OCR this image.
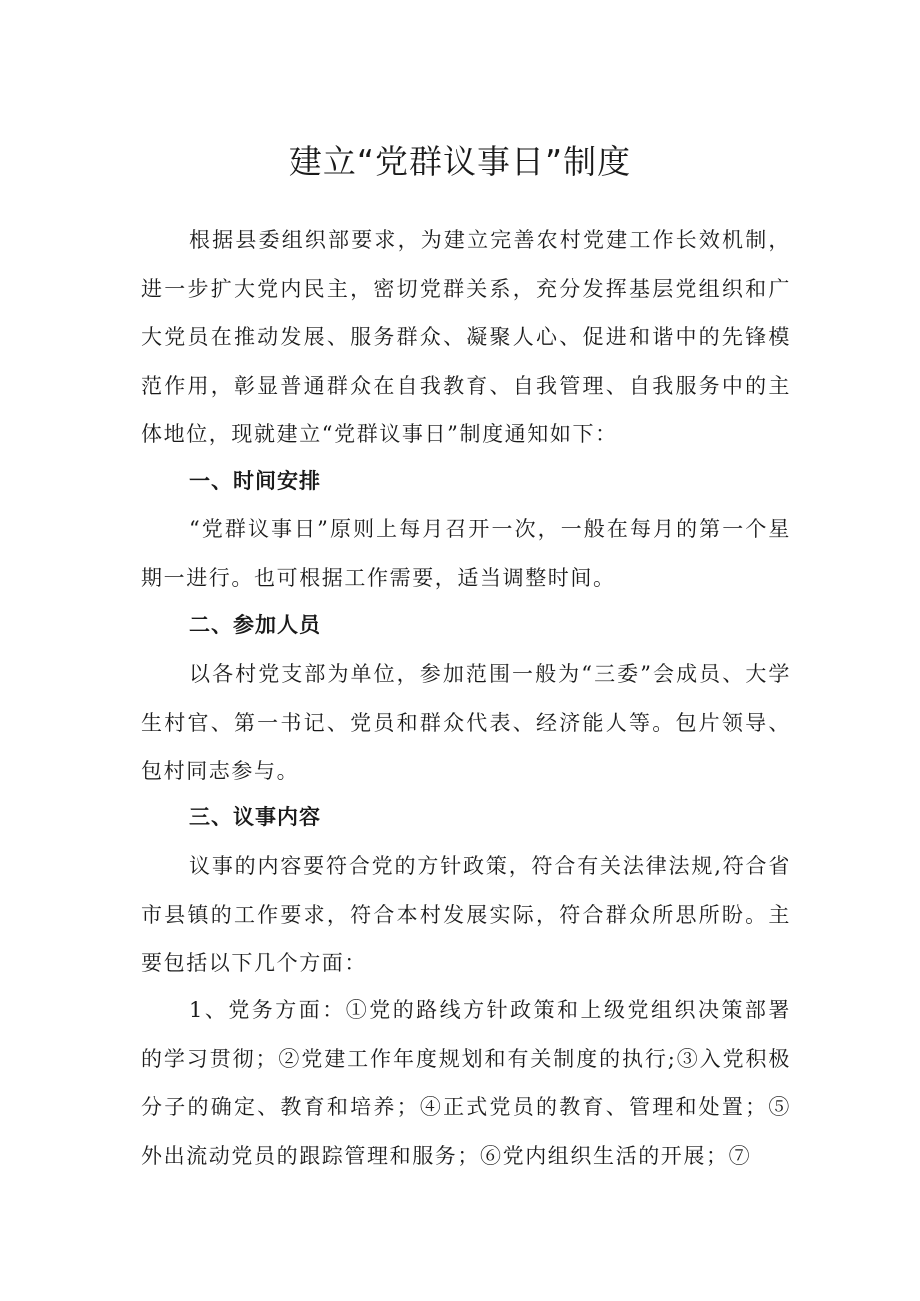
建立“党群议事日”制度

根据县委组织部要求，为建立完善农村党建工作长效机制，进一步扩大党内民主，密切党群关系，充分发挥基层党组织和广大党员在推动发展、服务群众、凝聚人心、促进和谐中的先锋模范作用，彰显普通群众在自我教育、自我管理、自我服务中的主体地位，现就建立“党群议事日”制度通知如下：

一、时间安排

“党群议事日”原则上每月召开一次，一般在每月的第一个星期一进行。也可根据工作需要，适当调整时间。

二、参加人员

以各村党支部为单位，参加范围一般为“三委”会成员、大学生村官、第一书记、党员和群众代表、经济能人等。包片领导、包村同志参与。

三、议事内容

议事的内容要符合党的方针政策，符合有关法律法规,符合省市县镇的工作要求，符合本村发展实际，符合群众所思所盼。主要包括以下几个方面：

1、党务方面：①党的路线方针政策和上级党组织决策部署的学习贯彻；②党建工作年度规划和有关制度的执行;③入党积极分子的确定、教育和培养；④正式党员的教育、管理和处置；⑤外出流动党员的跟踪管理和服务；⑥党内组织生活的开展；⑦
